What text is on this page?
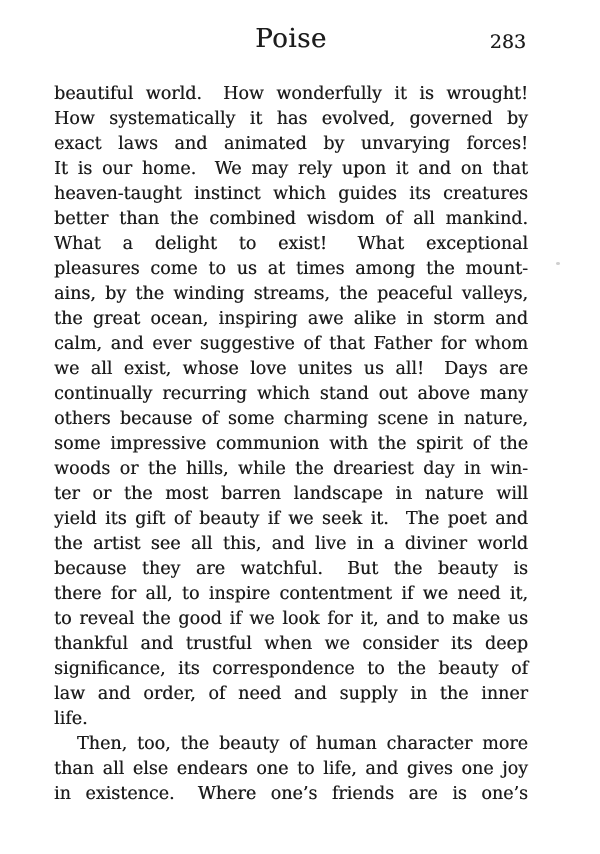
Poise	283
beautiful world.  How wonderfully it is wrought!
How systematically it has evolved, governed by
exact laws and animated by unvarying forces!
It is our home.  We may rely upon it and on that
heaven-taught instinct which guides its creatures
better than the combined wisdom of all mankind.
What a delight to exist!  What exceptional
pleasures come to us at times among the mount-
ains, by the winding streams, the peaceful valleys,
the great ocean, inspiring awe alike in storm and
calm, and ever suggestive of that Father for whom
we all exist, whose love unites us all!  Days are
continually recurring which stand out above many
others because of some charming scene in nature,
some impressive communion with the spirit of the
woods or the hills, while the dreariest day in win-
ter or the most barren landscape in nature will
yield its gift of beauty if we seek it.  The poet and
the artist see all this, and live in a diviner world
because they are watchful.  But the beauty is
there for all, to inspire contentment if we need it,
to reveal the good if we look for it, and to make us
thankful and trustful when we consider its deep
significance, its correspondence to the beauty of
law and order, of need and supply in the inner
life.
Then, too, the beauty of human character more
than all else endears one to life, and gives one joy
in existence.  Where one’s friends are is one’s
